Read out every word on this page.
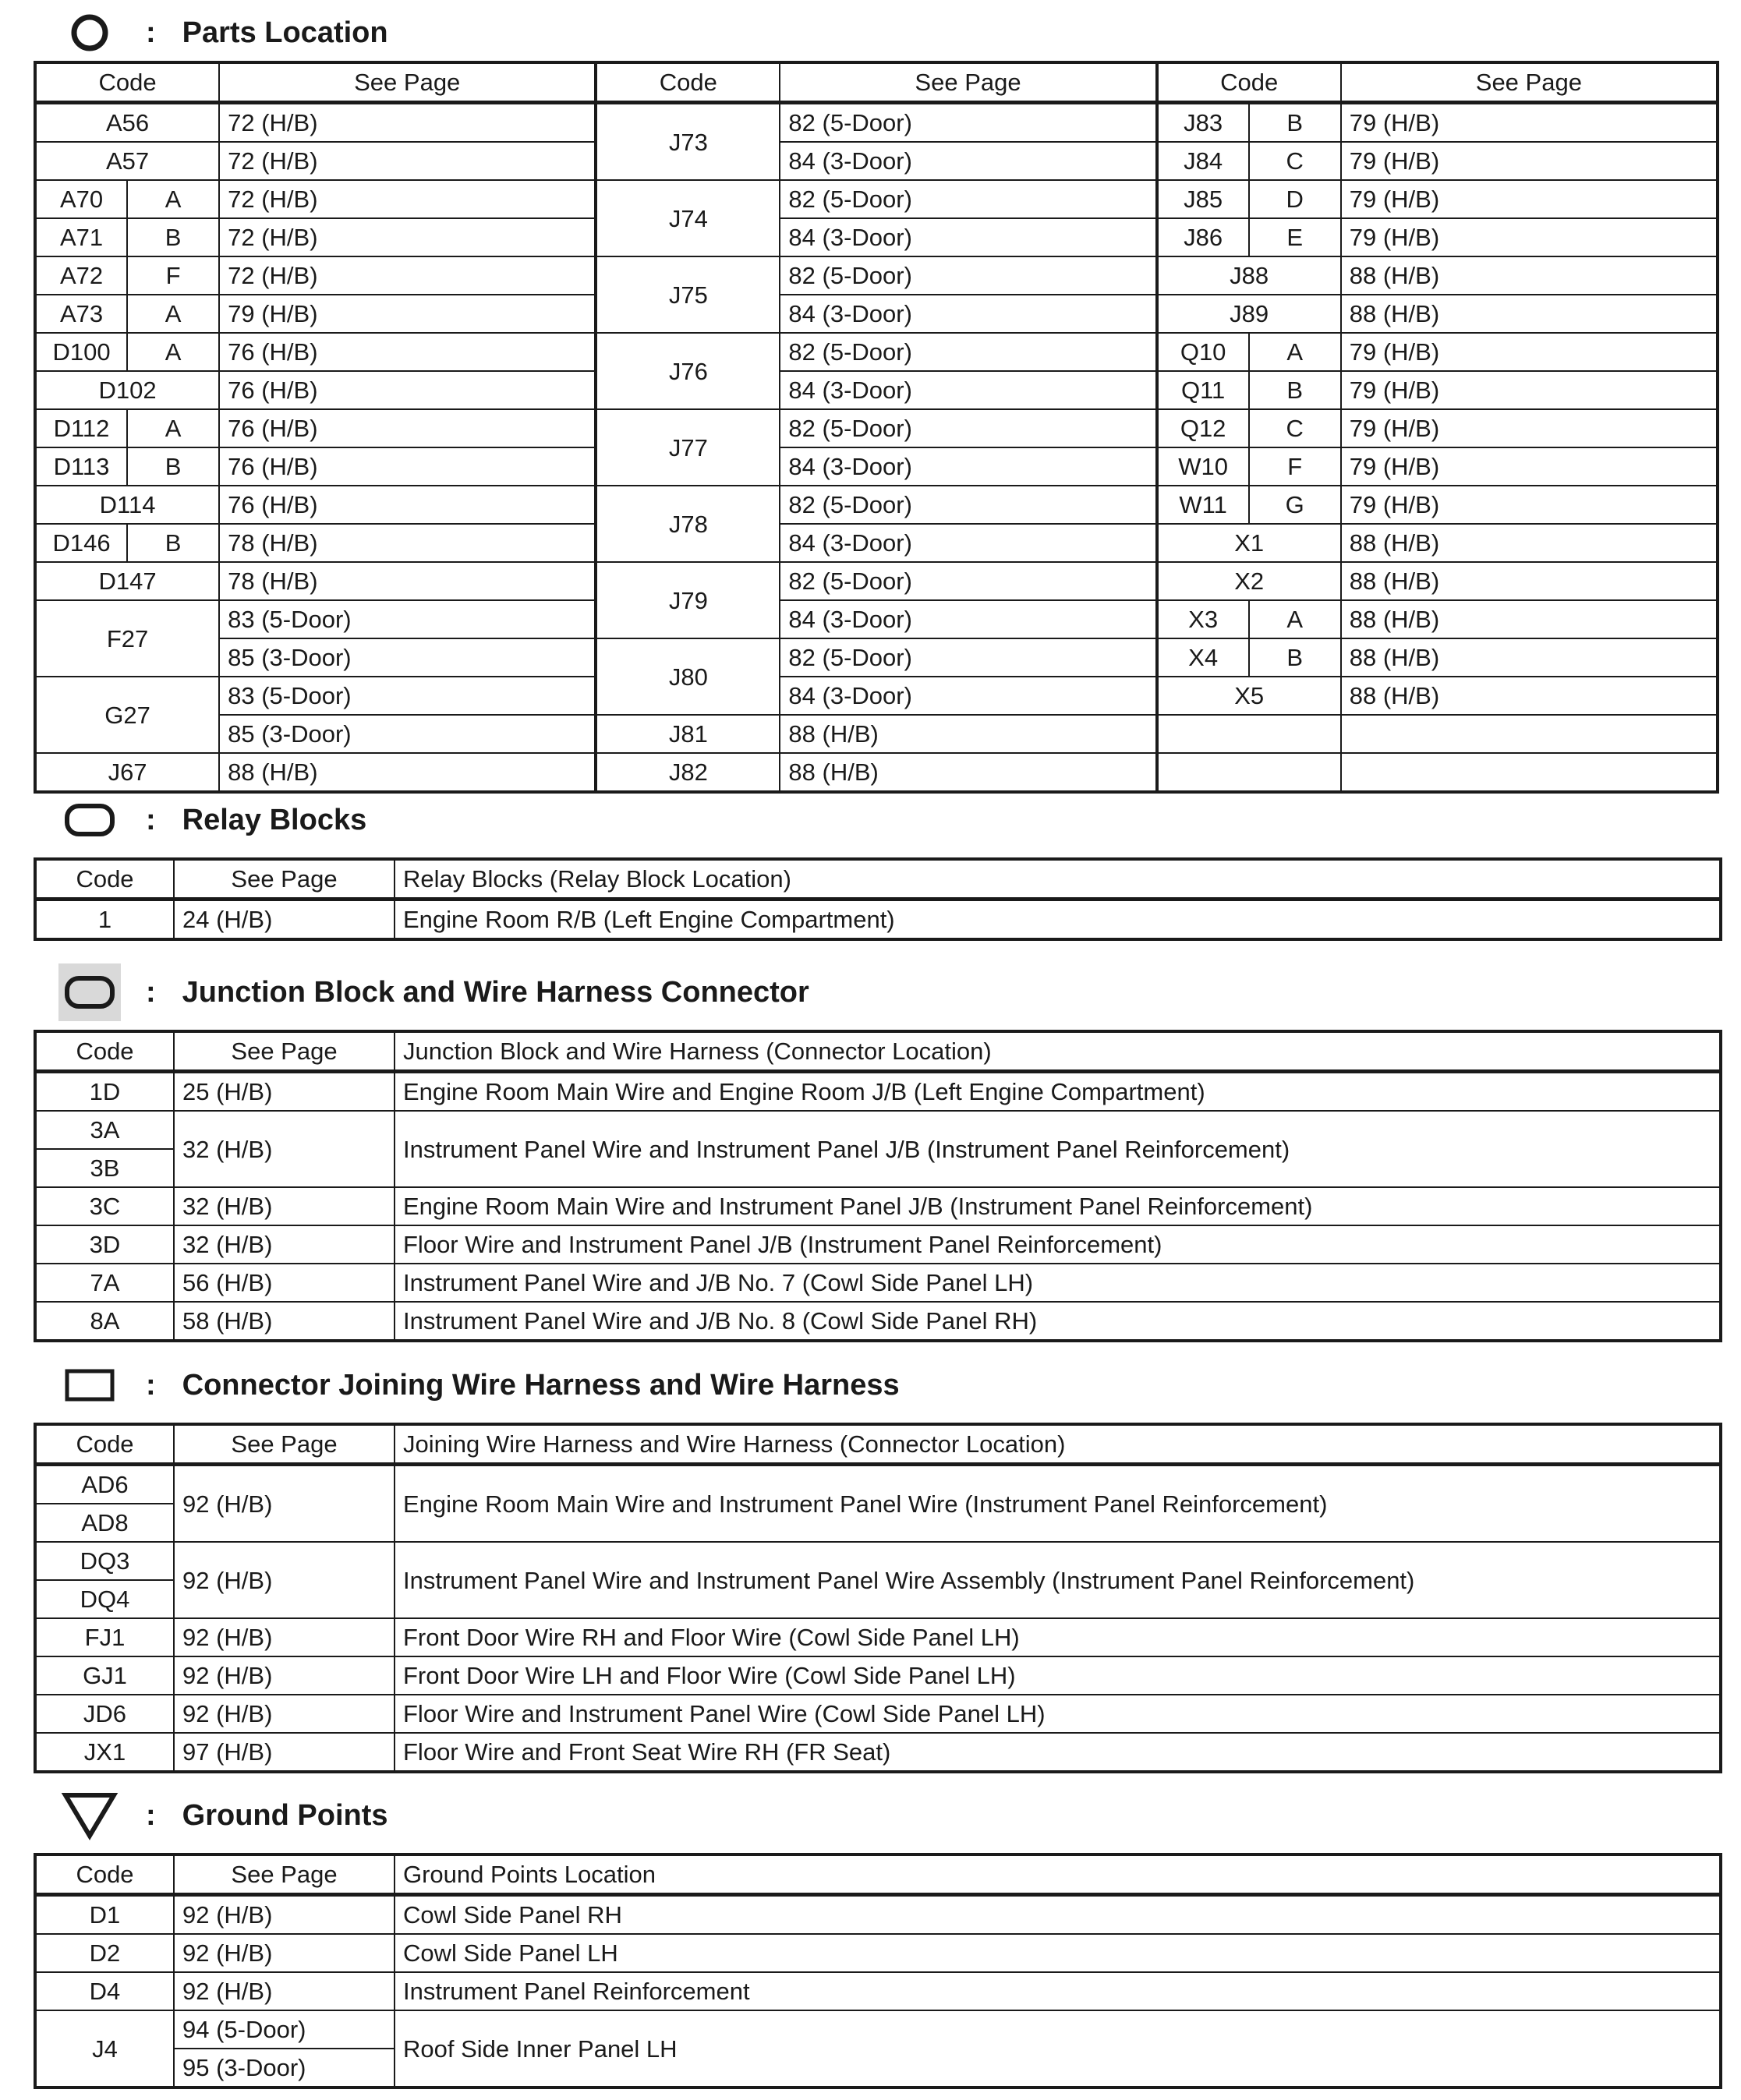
: Parts Location
Code		See Page	Code	See Page	Code		See Page
A56		72 (H/B)	J73	82 (5-Door)	J83	B	79 (H/B)
A57		72 (H/B)		84 (3-Door)	J84	C	79 (H/B)
A70	A	72 (H/B)	J74	82 (5-Door)	J85	D	79 (H/B)
A71	B	72 (H/B)		84 (3-Door)	J86	E	79 (H/B)
A72	F	72 (H/B)	J75	82 (5-Door)	J88		88 (H/B)
A73	A	79 (H/B)		84 (3-Door)	J89		88 (H/B)
D100	A	76 (H/B)	J76	82 (5-Door)	Q10	A	79 (H/B)
D102		76 (H/B)		84 (3-Door)	Q11	B	79 (H/B)
D112	A	76 (H/B)	J77	82 (5-Door)	Q12	C	79 (H/B)
D113	B	76 (H/B)		84 (3-Door)	W10	F	79 (H/B)
D114		76 (H/B)	J78	82 (5-Door)	W11	G	79 (H/B)
D146	B	78 (H/B)		84 (3-Door)	X1		88 (H/B)
D147		78 (H/B)	J79	82 (5-Door)	X2		88 (H/B)
F27		83 (5-Door)		84 (3-Door)	X3	A	88 (H/B)
		85 (3-Door)	J80	82 (5-Door)	X4	B	88 (H/B)
G27		83 (5-Door)		84 (3-Door)	X5		88 (H/B)
		85 (3-Door)	J81	88 (H/B)			
J67		88 (H/B)	J82	88 (H/B)			
: Relay Blocks
Code	See Page	Relay Blocks (Relay Block Location)
1	24 (H/B)	Engine Room R/B (Left Engine Compartment)
: Junction Block and Wire Harness Connector
Code	See Page	Junction Block and Wire Harness (Connector Location)
1D	25 (H/B)	Engine Room Main Wire and Engine Room J/B (Left Engine Compartment)
3A	32 (H/B)	Instrument Panel Wire and Instrument Panel J/B (Instrument Panel Reinforcement)
3B		
3C	32 (H/B)	Engine Room Main Wire and Instrument Panel J/B (Instrument Panel Reinforcement)
3D	32 (H/B)	Floor Wire and Instrument Panel J/B (Instrument Panel Reinforcement)
7A	56 (H/B)	Instrument Panel Wire and J/B No. 7 (Cowl Side Panel LH)
8A	58 (H/B)	Instrument Panel Wire and J/B No. 8 (Cowl Side Panel RH)
: Connector Joining Wire Harness and Wire Harness
Code	See Page	Joining Wire Harness and Wire Harness (Connector Location)
AD6	92 (H/B)	Engine Room Main Wire and Instrument Panel Wire (Instrument Panel Reinforcement)
AD8		
DQ3	92 (H/B)	Instrument Panel Wire and Instrument Panel Wire Assembly (Instrument Panel Reinforcement)
DQ4		
FJ1	92 (H/B)	Front Door Wire RH and Floor Wire (Cowl Side Panel LH)
GJ1	92 (H/B)	Front Door Wire LH and Floor Wire (Cowl Side Panel LH)
JD6	92 (H/B)	Floor Wire and Instrument Panel Wire (Cowl Side Panel LH)
JX1	97 (H/B)	Floor Wire and Front Seat Wire RH (FR Seat)
: Ground Points
Code	See Page	Ground Points Location
D1	92 (H/B)	Cowl Side Panel RH
D2	92 (H/B)	Cowl Side Panel LH
D4	92 (H/B)	Instrument Panel Reinforcement
J4	94 (5-Door)	Roof Side Inner Panel LH
	95 (3-Door)	
